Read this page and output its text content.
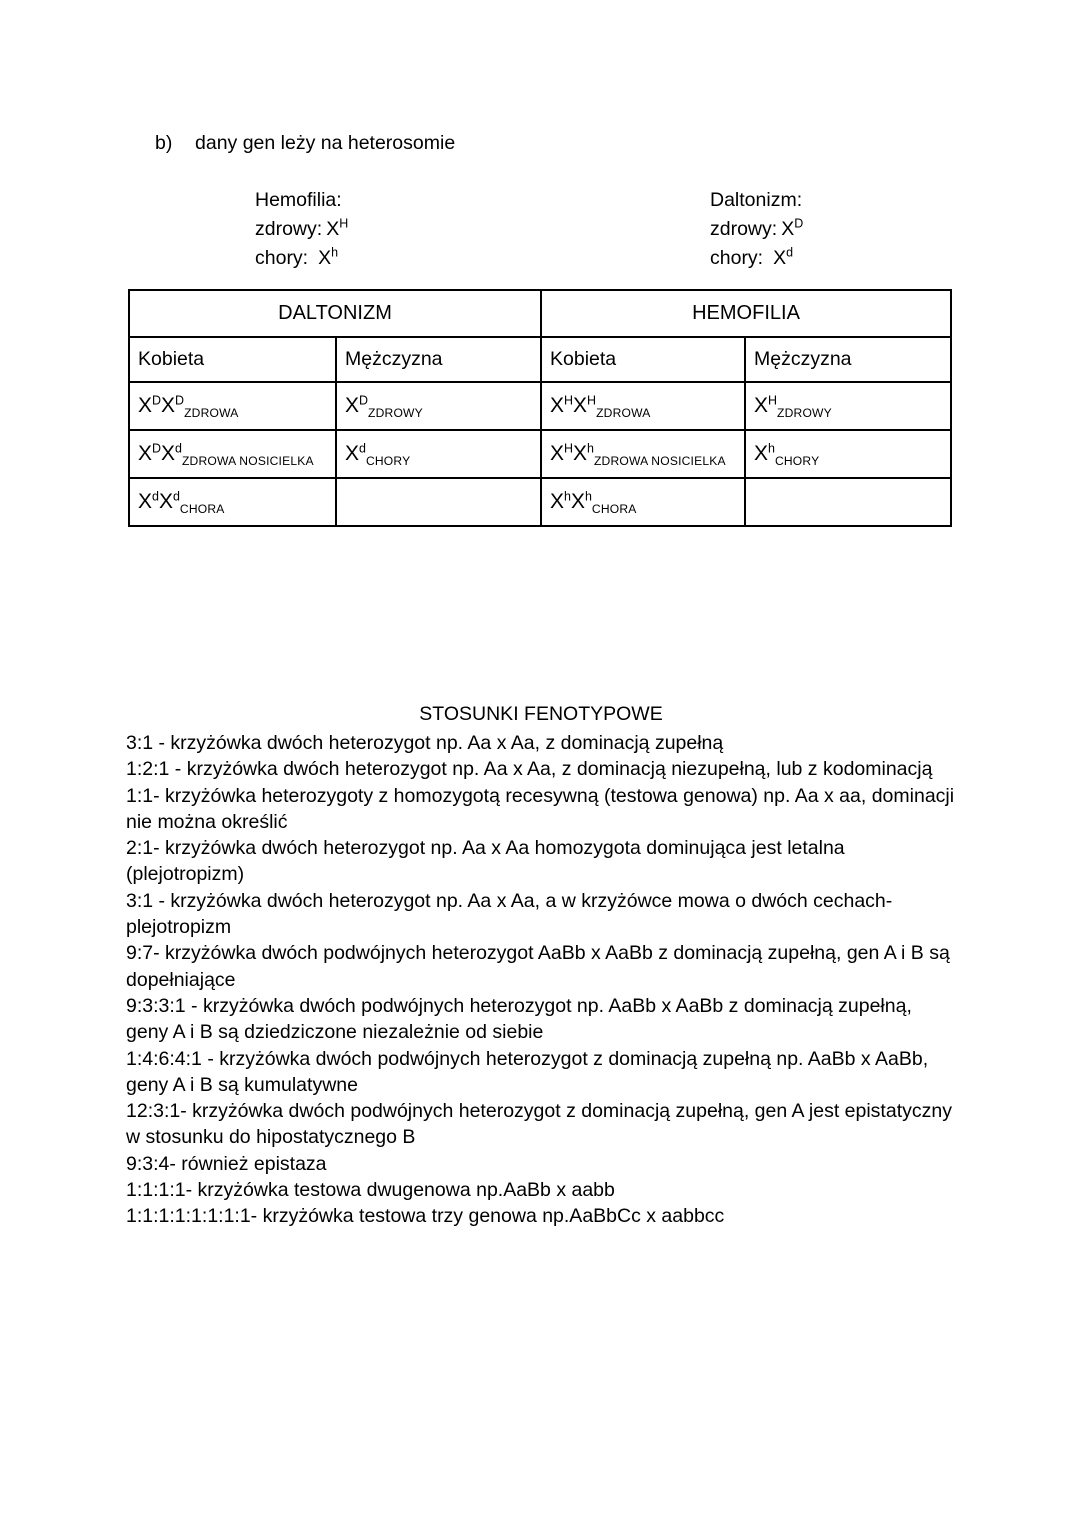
b) dany gen leży na heterosomie
Hemofilia:
zdrowy: $X^H$
chory: $X^h$
Daltonizm:
zdrowy: $X^D$
chory: $X^d$
DALTONIZM		HEMOFILIA	
Kobieta	Mężczyzna	Kobieta	Mężczyzna
$X^DX^D_{ZDROWA}$	$X^D_{ZDROWY}$	$X^HX^H_{ZDROWA}$	$X^H_{ZDROWY}$
$X^DX^d_{ZDROWA NOSICIELKA}$	$X^d_{CHORY}$	$X^HX^h_{ZDROWA NOSICIELKA}$	$X^h_{CHORY}$
$X^dX^d_{CHORA}$		$X^hX^h_{CHORA}$	
STOSUNKI FENOTYPOWE

3:1 - krzyżówka dwóch heterozygot np. Aa x Aa, z dominacją zupełną

1:2:1 - krzyżówka dwóch heterozygot np. Aa x Aa, z dominacją niezupełną, lub z kodominacją

1:1- krzyżówka heterozygoty z homozygotą recesywną (testowa genowa) np. Aa x aa, dominacji nie można określić

2:1- krzyżówka dwóch heterozygot np. Aa x Aa homozygota dominująca jest letalna (plejotropizm)

3:1 - krzyżówka dwóch heterozygot np. Aa x Aa, a w krzyżówce mowa o dwóch cechach-plejotropizm

9:7- krzyżówka dwóch podwójnych heterozygot AaBb x AaBb z dominacją zupełną, gen A i B są dopełniające

9:3:3:1 - krzyżówka dwóch podwójnych heterozygot np. AaBb x AaBb z dominacją zupełną, geny A i B są dziedziczone niezależnie od siebie

1:4:6:4:1 - krzyżówka dwóch podwójnych heterozygot z dominacją zupełną np. AaBb x AaBb, geny A i B są kumulatywne

12:3:1- krzyżówka dwóch podwójnych heterozygot z dominacją zupełną, gen A jest epistatyczny w stosunku do hipostatycznego B

9:3:4- również epistaza

1:1:1:1- krzyżówka testowa dwugenowa np.AaBb x aabb

1:1:1:1:1:1:1:1- krzyżówka testowa trzy genowa np.AaBbCc x aabbcc
